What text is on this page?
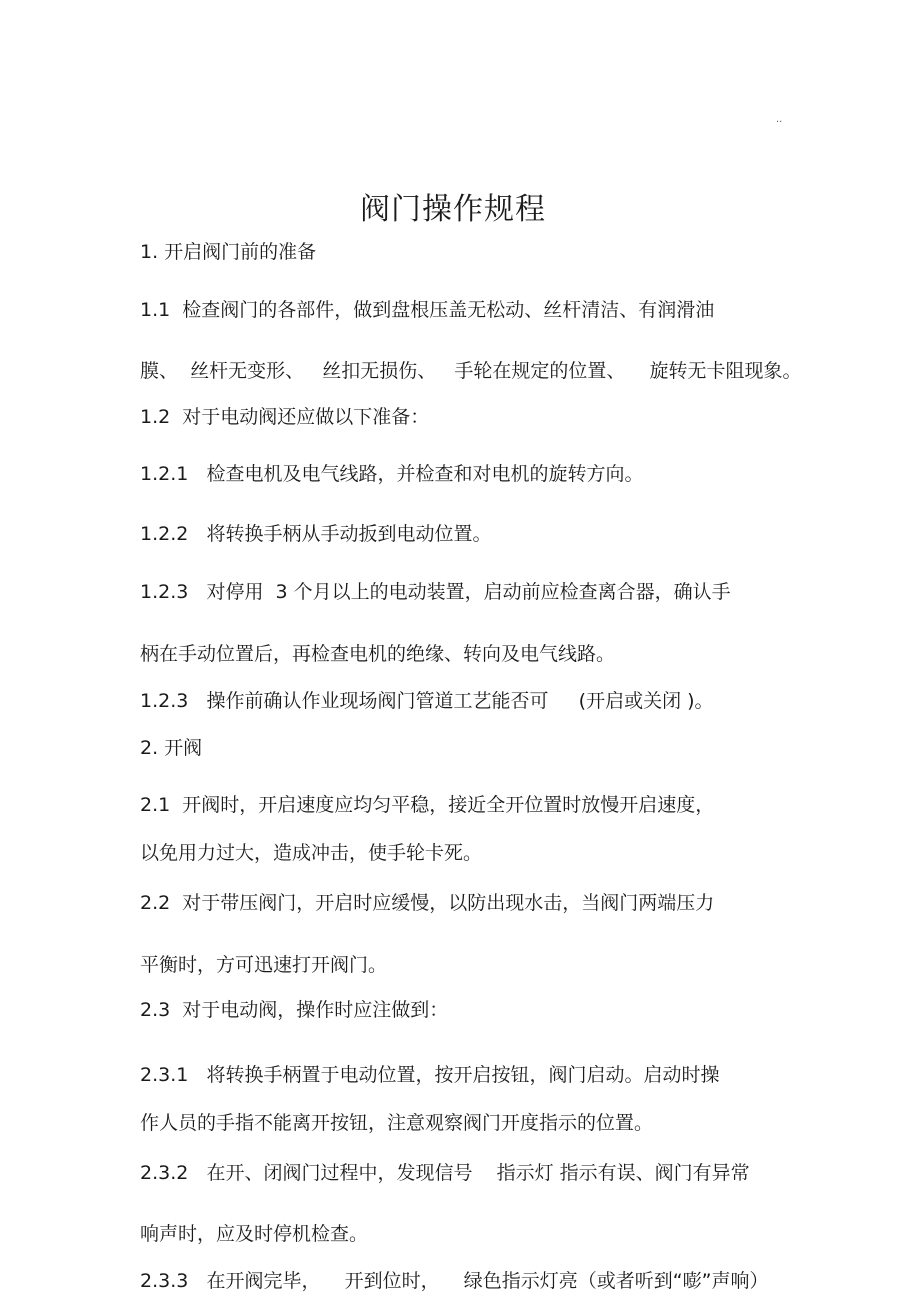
..
阀门操作规程
1. 开启阀门前的准备
1.1  检查阀门的各部件，做到盘根压盖无松动、丝杆清洁、有润滑油
膜、  丝杆无变形、   丝扣无损伤、   手轮在规定的位置、    旋转无卡阻现象。
1.2  对于电动阀还应做以下准备：
1.2.1   检查电机及电气线路，并检查和对电机的旋转方向。
1.2.2   将转换手柄从手动扳到电动位置。
1.2.3   对停用  3 个月以上的电动装置，启动前应检查离合器，确认手
柄在手动位置后，再检查电机的绝缘、转向及电气线路。
1.2.3   操作前确认作业现场阀门管道工艺能否可     (开启或关闭 )。
2. 开阀
2.1  开阀时，开启速度应均匀平稳，接近全开位置时放慢开启速度，
以免用力过大，造成冲击，使手轮卡死。
2.2  对于带压阀门，开启时应缓慢，以防出现水击，当阀门两端压力
平衡时，方可迅速打开阀门。
2.3  对于电动阀，操作时应注做到：
2.3.1   将转换手柄置于电动位置，按开启按钮，阀门启动。启动时操
作人员的手指不能离开按钮，注意观察阀门开度指示的位置。
2.3.2   在开、闭阀门过程中，发现信号    指示灯 指示有误、阀门有异常
响声时，应及时停机检查。
2.3.3   在开阀完毕，    开到位时，    绿色指示灯亮（或者听到“嘭”声响）
